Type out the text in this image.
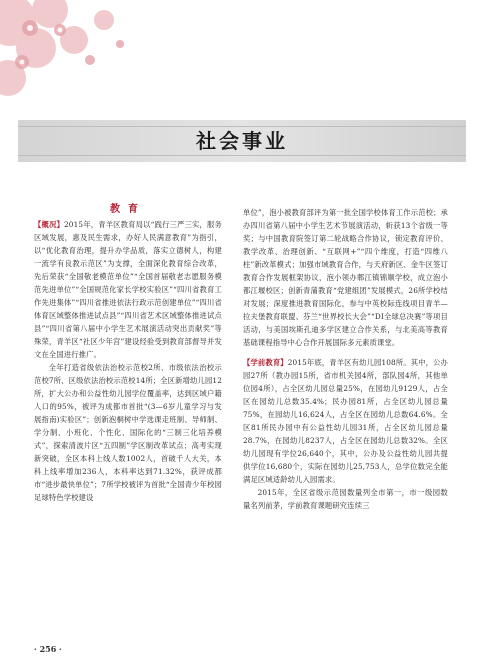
社会事业
教育

【概况】2015年，青羊区教育局以“践行三严三实，服务区域发展，惠及民生需求，办好人民满意教育”为指引，以“优化教育治理，提升办学品质，落实立德树人，构建一流学有良教示范区”为支撑，全面深化教育综合改革，先后荣获“全国敬老模范单位”“全国首届敬老志愿服务模范先进单位”“全国规范化家长学校实验区”“四川省教育工作先进集体”“四川省推进依法行政示范创建单位”“四川省体育区域整体推进试点县”“四川省艺术区域整体推进试点县”“四川省第八届中小学生艺术展演活动突出贡献奖”等殊荣，青羊区“社区少年宫”建设经验受到教育部督导并发文在全国进行推广。

全年打造省级依法治校示范校2所、市级依法治校示范校7所、区级依法治校示范校14所；全区新增幼儿园12所，扩大公办和公益性幼儿园学位覆盖率，达到区域户籍人口的95%，被评为成都市首批“(3—6岁儿童学习与发展指南)实验区”；创新泡桐树中学选课走班制、导师制、学分制、小班化、个性化、国际化的“三制三化培养模式”，探索清波片区“五四制”学区制改革试点；高考实现新突破，全区本科上线人数1002人，首破千人大关，本科上线率增加236人，本科率达到71.32%，获评成都市“进步最快单位”；7所学校被评为首批“全国青少年校园足球特色学校建设

单位”，泡小被教育部评为第一批全国学校体育工作示范校；承办四川省第八届中小学生艺术节展演活动，斩获13个省级一等奖；与中国教育院签订第二轮战略合作协议，锁定教育评价、教学改革、治理创新、“互联网+”“四个维度，打造“四维八柱”新改革模式；加强市域教育合作，与天府新区、金牛区签订教育合作发展框架协议，泡小领办郫江镇锦顺学校，成立泡小都江堰校区；创新青蒲教育“党建组团”发展模式，26所学校结对发展；深度推进教育国际化，参与中英校际连线项目青羊—拉夫堡教育联盟、芬兰“世界校长大会”“DI全球总决赛”等项目活动，与美国埃斯孔迪多学区建立合作关系，与北美高等教育基础课程指导中心合作开展国际多元素质课堂。

【学前教育】2015年底，青羊区有幼儿园108所。其中，公办园27所（教办园15所，省市机关园4所，部队园4所，其他单位园4所），占全区幼儿园总量25%，在园幼儿9129人，占全区在园幼儿总数35.4%；民办园81所，占全区幼儿园总量75%，在园幼儿16,624人，占全区在园幼儿总数64.6%。全区81所民办园中有公益性幼儿园31所，占全区幼儿园总量28.7%，在园幼儿8237人，占全区在园幼儿总数32%。全区幼儿园现有学位26,640个，其中，公办及公益性幼儿园共提供学位16,680个，实际在园幼儿25,753人，总学位数完全能满足区域适龄幼儿入园需求。

2015年，全区省级示范园数量列全市第一，市一级园数量名列前茅，学前教育课题研究连续三

· 256 ·
